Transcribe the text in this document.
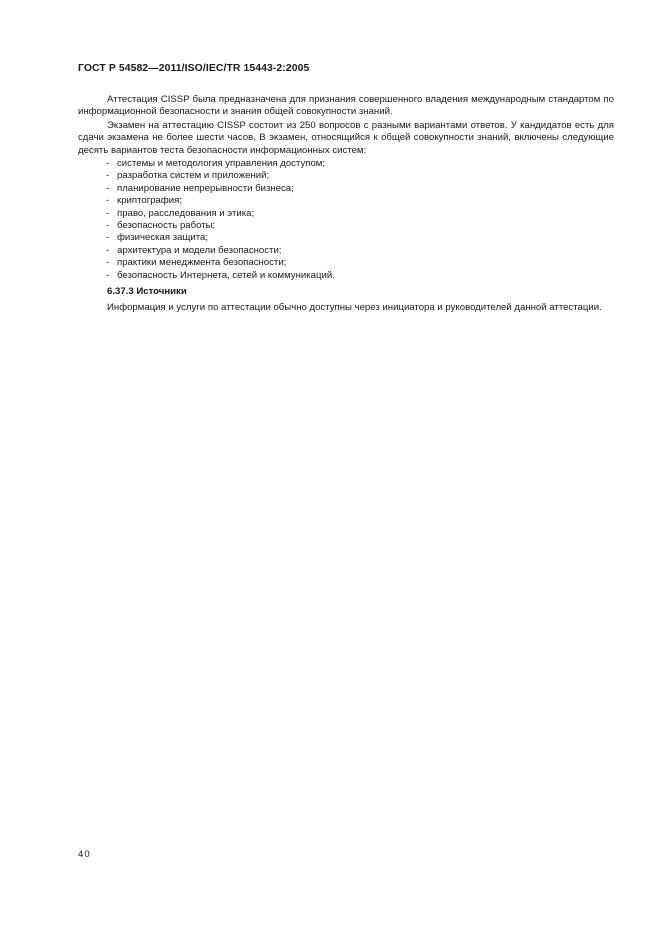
ГОСТ Р 54582—2011/ISO/IEC/TR 15443-2:2005

Аттестация CISSP была предназначена для признания совершенного владения международным стандартом по информационной безопасности и знания общей совокупности знаний.

Экзамен на аттестацию CISSP состоит из 250 вопросов с разными вариантами ответов. У кандидатов есть для сдачи экзамена не более шести часов. В экзамен, относящийся к общей совокупности знаний, включены следующие десять вариантов теста безопасности информационных систем:

- системы и методология управления доступом;
- разработка систем и приложений;
- планирование непрерывности бизнеса;
- криптография;
- право, расследования и этика;
- безопасность работы;
- физическая защита;
- архитектура и модели безопасности;
- практики менеджмента безопасности;
- безопасность Интернета, сетей и коммуникаций.
6.37.3 Источники

Информация и услуги по аттестации обычно доступны через инициатора и руководителей данной аттестации.

40
